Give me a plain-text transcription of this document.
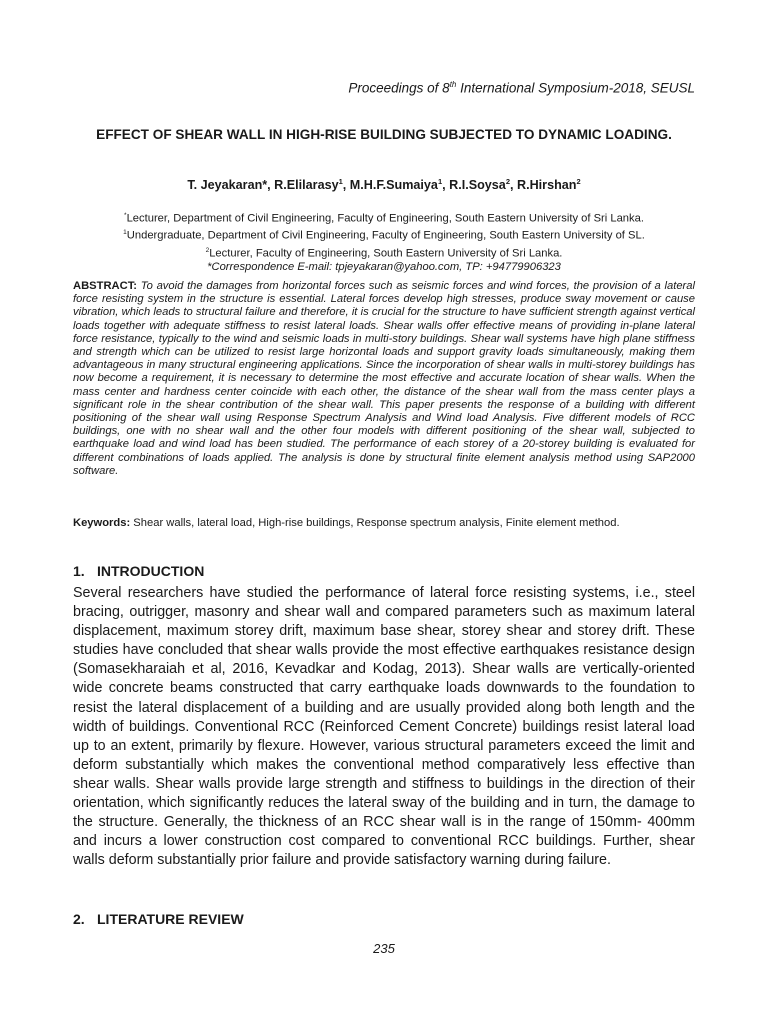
Proceedings of 8th International Symposium-2018, SEUSL
EFFECT OF SHEAR WALL IN HIGH-RISE BUILDING SUBJECTED TO DYNAMIC LOADING.
T. Jeyakaran*, R.Elilarasy$^1$, M.H.F.Sumaiya$^1$, R.I.Soysa$^2$, R.Hirshan$^2$
*Lecturer, Department of Civil Engineering, Faculty of Engineering, South Eastern University of Sri Lanka.
$^1$Undergraduate, Department of Civil Engineering, Faculty of Engineering, South Eastern University of SL.
$^2$Lecturer, Faculty of Engineering, South Eastern University of Sri Lanka.
*Correspondence E-mail: tpjeyakaran@yahoo.com, TP: +94779906323
ABSTRACT: To avoid the damages from horizontal forces such as seismic forces and wind forces, the provision of a lateral force resisting system in the structure is essential. Lateral forces develop high stresses, produce sway movement or cause vibration, which leads to structural failure and therefore, it is crucial for the structure to have sufficient strength against vertical loads together with adequate stiffness to resist lateral loads. Shear walls offer effective means of providing in-plane lateral force resistance, typically to the wind and seismic loads in multi-story buildings. Shear wall systems have high plane stiffness and strength which can be utilized to resist large horizontal loads and support gravity loads simultaneously, making them advantageous in many structural engineering applications. Since the incorporation of shear walls in multi-storey buildings has now become a requirement, it is necessary to determine the most effective and accurate location of shear walls. When the mass center and hardness center coincide with each other, the distance of the shear wall from the mass center plays a significant role in the shear contribution of the shear wall. This paper presents the response of a building with different positioning of the shear wall using Response Spectrum Analysis and Wind load Analysis. Five different models of RCC buildings, one with no shear wall and the other four models with different positioning of the shear wall, subjected to earthquake load and wind load has been studied. The performance of each storey of a 20-storey building is evaluated for different combinations of loads applied. The analysis is done by structural finite element analysis method using SAP2000 software.
Keywords: Shear walls, lateral load, High-rise buildings, Response spectrum analysis, Finite element method.
1. INTRODUCTION
Several researchers have studied the performance of lateral force resisting systems, i.e., steel bracing, outrigger, masonry and shear wall and compared parameters such as maximum lateral displacement, maximum storey drift, maximum base shear, storey shear and storey drift. These studies have concluded that shear walls provide the most effective earthquakes resistance design (Somasekharaiah et al, 2016, Kevadkar and Kodag, 2013). Shear walls are vertically-oriented wide concrete beams constructed that carry earthquake loads downwards to the foundation to resist the lateral displacement of a building and are usually provided along both length and the width of buildings. Conventional RCC (Reinforced Cement Concrete) buildings resist lateral load up to an extent, primarily by flexure. However, various structural parameters exceed the limit and deform substantially which makes the conventional method comparatively less effective than shear walls. Shear walls provide large strength and stiffness to buildings in the direction of their orientation, which significantly reduces the lateral sway of the building and in turn, the damage to the structure. Generally, the thickness of an RCC shear wall is in the range of 150mm- 400mm and incurs a lower construction cost compared to conventional RCC buildings. Further, shear walls deform substantially prior failure and provide satisfactory warning during failure.
2. LITERATURE REVIEW
235
